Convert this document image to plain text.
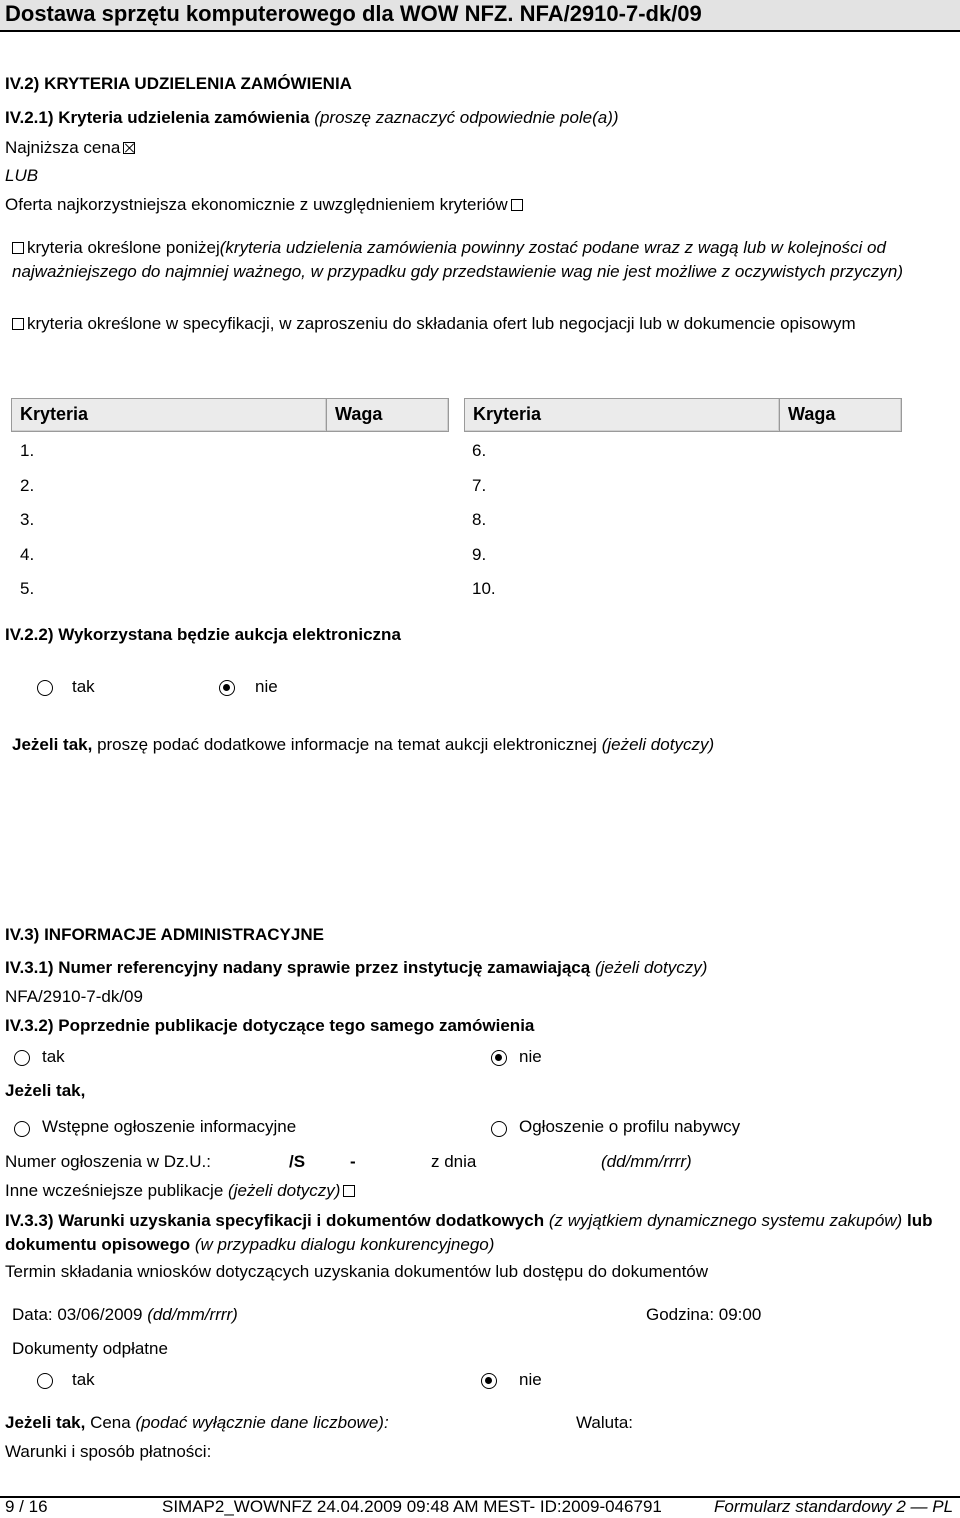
Dostawa sprzętu komputerowego dla WOW NFZ. NFA/2910-7-dk/09
IV.2) KRYTERIA UDZIELENIA ZAMÓWIENIA
IV.2.1) Kryteria udzielenia zamówienia (proszę zaznaczyć odpowiednie pole(a))
Najniższa cena
LUB
Oferta najkorzystniejsza ekonomicznie z uwzględnieniem kryteriów
kryteria określone poniżej(kryteria udzielenia zamówienia powinny zostać podane wraz z wagą lub w kolejności od najważniejszego do najmniej ważnego, w przypadku gdy przedstawienie wag nie jest możliwe z oczywistych przyczyn)
kryteria określone w specyfikacji, w zaproszeniu do składania ofert lub negocjacji lub w dokumencie opisowym
Kryteria	Waga	Kryteria	Waga
1.
2.
3.
4.
5.
6.
7.
8.
9.
10.
IV.2.2) Wykorzystana będzie aukcja elektroniczna
tak	nie
Jeżeli tak, proszę podać dodatkowe informacje na temat aukcji elektronicznej (jeżeli dotyczy)
IV.3) INFORMACJE ADMINISTRACYJNE
IV.3.1) Numer referencyjny nadany sprawie przez instytucję zamawiającą (jeżeli dotyczy)
NFA/2910-7-dk/09
IV.3.2) Poprzednie publikacje dotyczące tego samego zamówienia
tak	nie
Jeżeli tak,
Wstępne ogłoszenie informacyjne	Ogłoszenie o profilu nabywcy
Numer ogłoszenia w Dz.U.:	/S	-	z dnia	(dd/mm/rrrr)
Inne wcześniejsze publikacje (jeżeli dotyczy)
IV.3.3) Warunki uzyskania specyfikacji i dokumentów dodatkowych (z wyjątkiem dynamicznego systemu zakupów) lub dokumentu opisowego (w przypadku dialogu konkurencyjnego)
Termin składania wniosków dotyczących uzyskania dokumentów lub dostępu do dokumentów
Data: 03/06/2009 (dd/mm/rrrr)	Godzina: 09:00
Dokumenty odpłatne
tak	nie
Jeżeli tak, Cena (podać wyłącznie dane liczbowe):	Waluta:
Warunki i sposób płatności:
9 / 16	SIMAP2_WOWNFZ 24.04.2009 09:48 AM MEST- ID:2009-046791	Formularz standardowy 2 — PL
